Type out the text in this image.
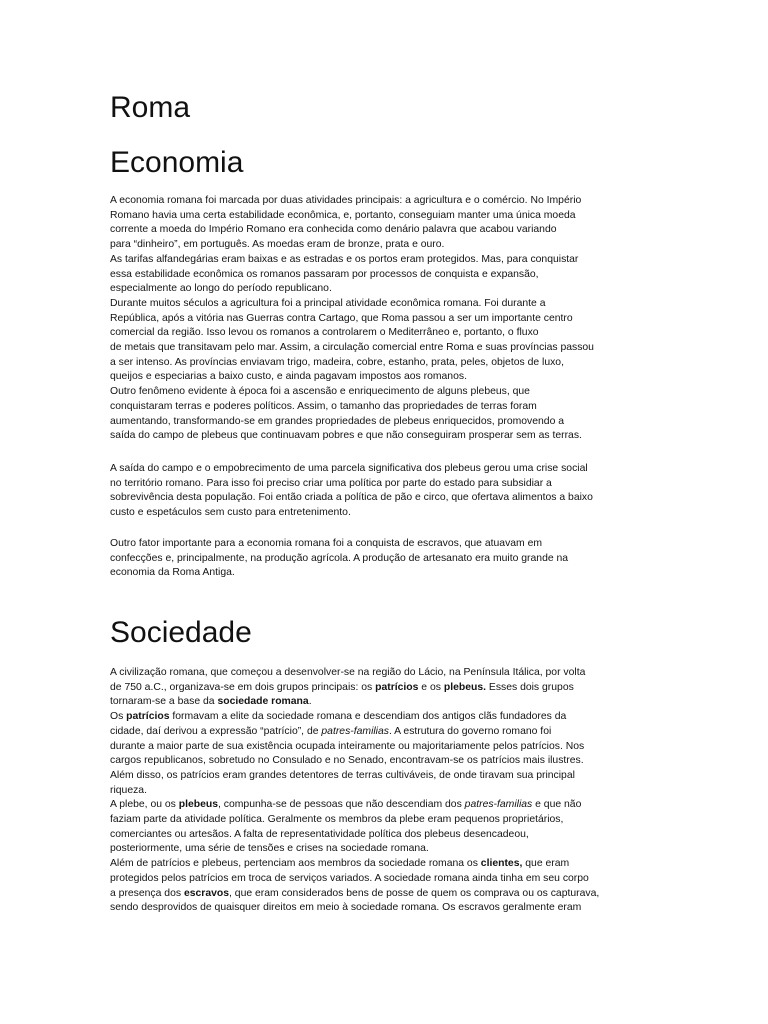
Roma
Economia
A economia romana foi marcada por duas atividades principais: a agricultura e o comércio. No Império
Romano havia uma certa estabilidade econômica, e, portanto, conseguiam manter uma única moeda
corrente a moeda do Império Romano era conhecida como denário palavra que acabou variando
para “dinheiro”, em português. As moedas eram de bronze, prata e ouro.
As tarifas alfandegárias eram baixas e as estradas e os portos eram protegidos. Mas, para conquistar
essa estabilidade econômica os romanos passaram por processos de conquista e expansão,
especialmente ao longo do período republicano.
Durante muitos séculos a agricultura foi a principal atividade econômica romana. Foi durante a
República, após a vitória nas Guerras contra Cartago, que Roma passou a ser um importante centro
comercial da região. Isso levou os romanos a controlarem o Mediterrâneo e, portanto, o fluxo
de metais que transitavam pelo mar. Assim, a circulação comercial entre Roma e suas províncias passou
a ser intenso. As províncias enviavam trigo, madeira, cobre, estanho, prata, peles, objetos de luxo,
queijos e especiarias a baixo custo, e ainda pagavam impostos aos romanos.
Outro fenômeno evidente à época foi a ascensão e enriquecimento de alguns plebeus, que
conquistaram terras e poderes políticos. Assim, o tamanho das propriedades de terras foram
aumentando, transformando-se em grandes propriedades de plebeus enriquecidos, promovendo a
saída do campo de plebeus que continuavam pobres e que não conseguiram prosperar sem as terras.
A saída do campo e o empobrecimento de uma parcela significativa dos plebeus gerou uma crise social
no território romano. Para isso foi preciso criar uma política por parte do estado para subsidiar a
sobrevivência desta população. Foi então criada a política de pão e circo, que ofertava alimentos a baixo
custo e espetáculos sem custo para entretenimento.
Outro fator importante para a economia romana foi a conquista de escravos, que atuavam em
confecções e, principalmente, na produção agrícola. A produção de artesanato era muito grande na
economia da Roma Antiga.
Sociedade
A civilização romana, que começou a desenvolver-se na região do Lácio, na Península Itálica, por volta
de 750 a.C., organizava-se em dois grupos principais: os patrícios e os plebeus. Esses dois grupos
tornaram-se a base da sociedade romana.
Os patrícios formavam a elite da sociedade romana e descendiam dos antigos clãs fundadores da
cidade, daí derivou a expressão “patrício”, de patres-familias. A estrutura do governo romano foi
durante a maior parte de sua existência ocupada inteiramente ou majoritariamente pelos patrícios. Nos
cargos republicanos, sobretudo no Consulado e no Senado, encontravam-se os patrícios mais ilustres.
Além disso, os patrícios eram grandes detentores de terras cultiváveis, de onde tiravam sua principal
riqueza.
A plebe, ou os plebeus, compunha-se de pessoas que não descendiam dos patres-familias e que não
faziam parte da atividade política. Geralmente os membros da plebe eram pequenos proprietários,
comerciantes ou artesãos. A falta de representatividade política dos plebeus desencadeou,
posteriormente, uma série de tensões e crises na sociedade romana.
Além de patrícios e plebeus, pertenciam aos membros da sociedade romana os clientes, que eram
protegidos pelos patrícios em troca de serviços variados. A sociedade romana ainda tinha em seu corpo
a presença dos escravos, que eram considerados bens de posse de quem os comprava ou os capturava,
sendo desprovidos de quaisquer direitos em meio à sociedade romana. Os escravos geralmente eram
